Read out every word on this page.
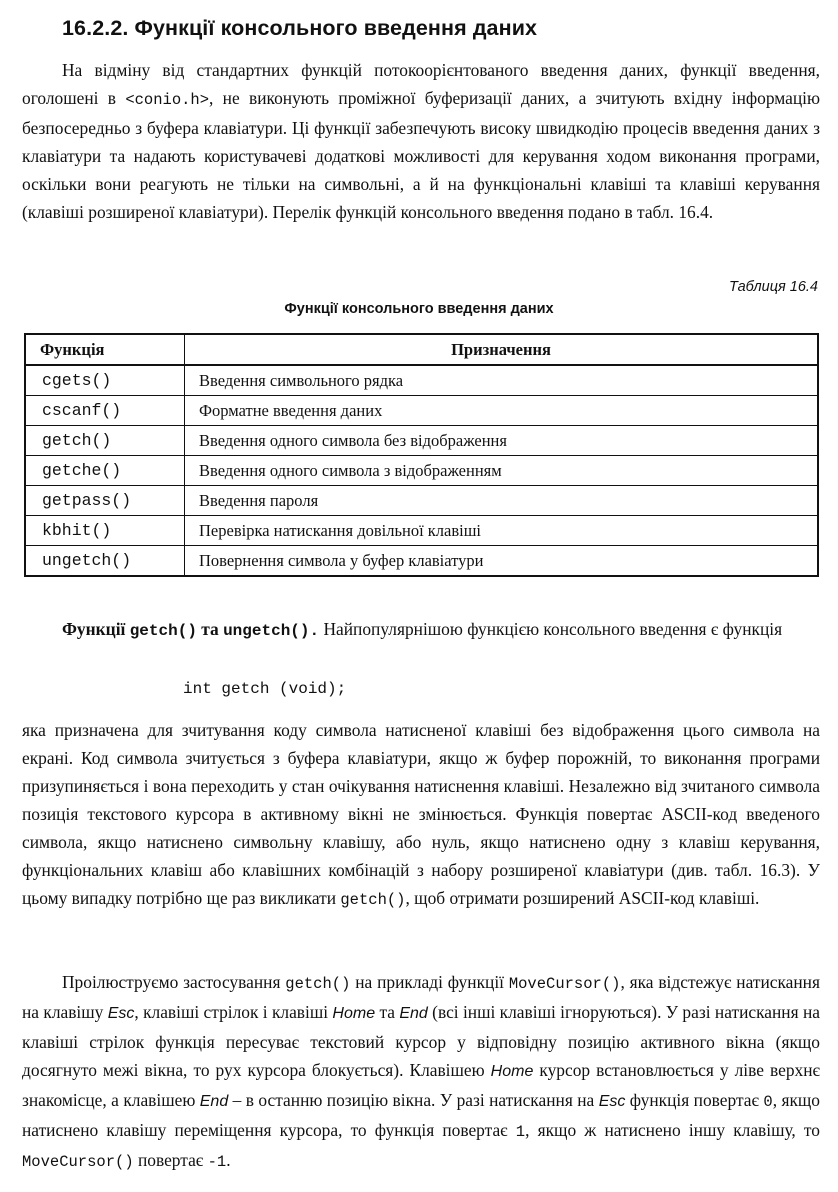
16.2.2. Функції консольного введення даних

На відміну від стандартних функцій потокоорієнтованого введення даних, функції введення, оголошені в <conio.h>, не виконують проміжної буферизації даних, а зчитують вхідну інформацію безпосередньо з буфера клавіатури. Ці функції забезпечують високу швидкодію процесів введення даних з клавіатури та надають користувачеві додаткові можливості для керування ходом виконання програми, оскільки вони реагують не тільки на символьні, а й на функціональні клавіші та клавіші керування (клавіші розширеної клавіатури). Перелік функцій консольного введення подано в табл. 16.4.

Таблиця 16.4
Функції консольного введення даних
Функція	Призначення
cgets()	Введення символьного рядка
cscanf()	Форматне введення даних
getch()	Введення одного символа без відображення
getche()	Введення одного символа з відображенням
getpass()	Введення пароля
kbhit()	Перевірка натискання довільної клавіші
ungetch()	Повернення символа у буфер клавіатури

Функції getch() та ungetch(). Найпопулярнішою функцією консольного введення є функція

int getch (void);

яка призначена для зчитування коду символа натисненої клавіші без відображення цього символа на екрані. Код символа зчитується з буфера клавіатури, якщо ж буфер порожній, то виконання програми призупиняється і вона переходить у стан очікування натиснення клавіші. Незалежно від зчитаного символа позиція текстового курсора в активному вікні не змінюється. Функція повертає ASCII-код введеного символа, якщо натиснено символьну клавішу, або нуль, якщо натиснено одну з клавіш керування, функціональних клавіш або клавішних комбінацій з набору розширеної клавіатури (див. табл. 16.3). У цьому випадку потрібно ще раз викликати getch(), щоб отримати розширений ASCII-код клавіші.

Проілюструємо застосування getch() на прикладі функції MoveCursor(), яка відстежує натискання на клавішу Esc, клавіші стрілок і клавіші Home та End (всі інші клавіші ігноруються). У разі натискання на клавіші стрілок функція пересуває текстовий курсор у відповідну позицію активного вікна (якщо досягнуто межі вікна, то рух курсора блокується). Клавішею Home курсор встановлюється у ліве верхнє знакомісце, а клавішею End – в останню позицію вікна. У разі натискання на Esc функція повертає 0, якщо натиснено клавішу переміщення курсора, то функція повертає 1, якщо ж натиснено іншу клавішу, то MoveCursor() повертає -1.
